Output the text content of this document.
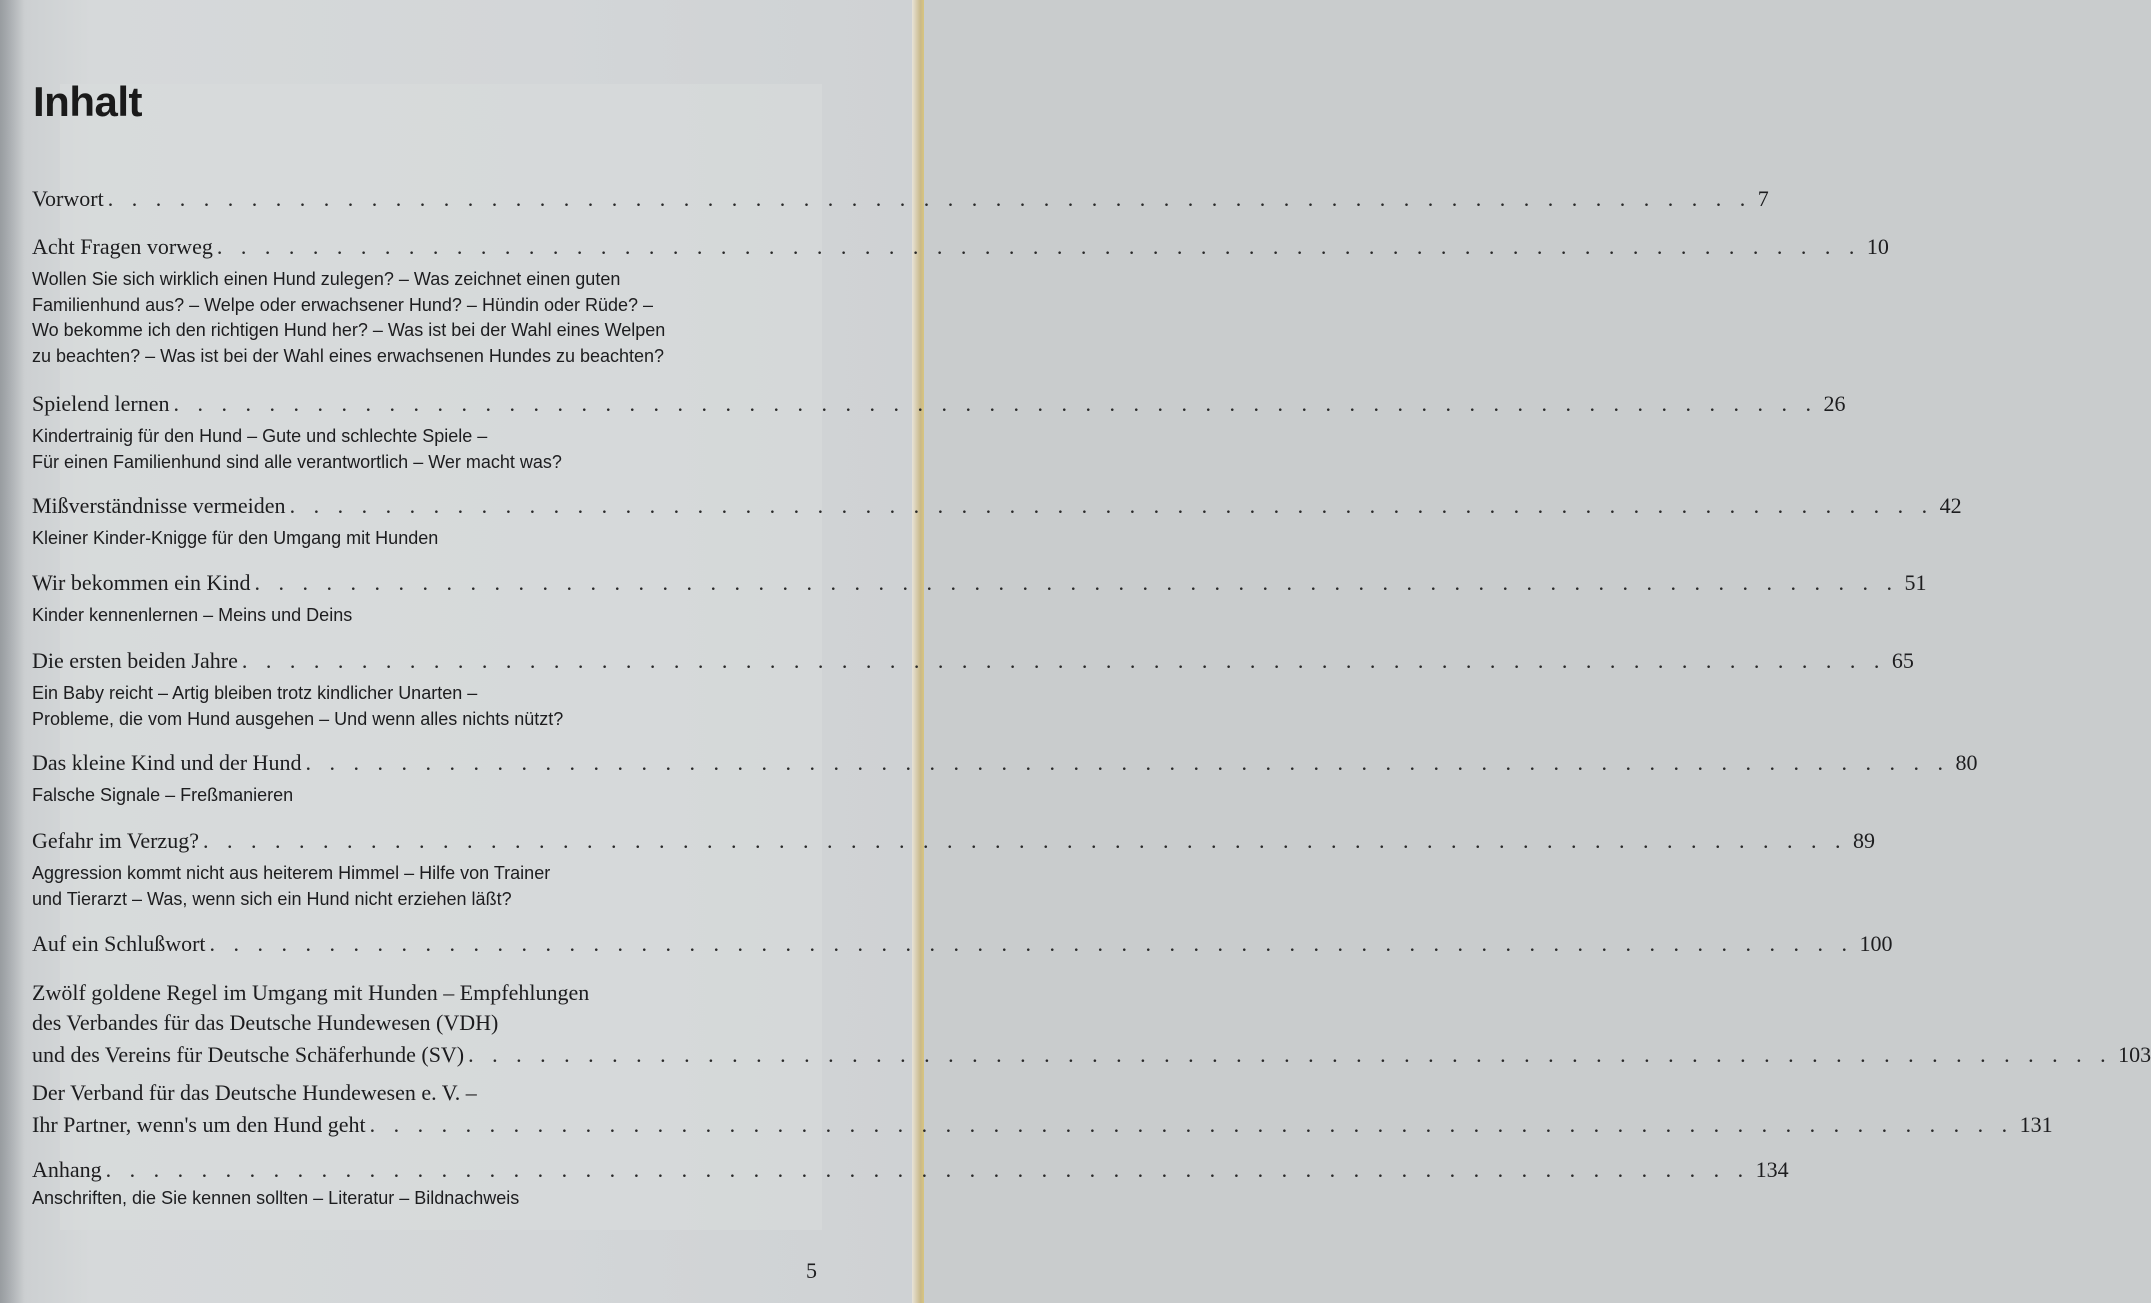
Inhalt
Vorwort . . . . . . . . . . . . . . . . . . . . . . . . . . . . . . . . . . . . . . . . . . . . . . . . . . . . . . . . . . . . . . . . . . . . . 7
Acht Fragen vorweg . . . . . . . . . . . . . . . . . . . . . . . . . . . . . . . . . . . . . . . . . . . . . . . . . . . . . . . . . . . . . . . . . . . . . 10
Wollen Sie sich wirklich einen Hund zulegen? – Was zeichnet einen guten
Familienhund aus? – Welpe oder erwachsener Hund? – Hündin oder Rüde? –
Wo bekomme ich den richtigen Hund her? – Was ist bei der Wahl eines Welpen
zu beachten? – Was ist bei der Wahl eines erwachsenen Hundes zu beachten?
Spielend lernen . . . . . . . . . . . . . . . . . . . . . . . . . . . . . . . . . . . . . . . . . . . . . . . . . . . . . . . . . . . . . . . . . . . . . 26
Kindertrainig für den Hund – Gute und schlechte Spiele –
Für einen Familienhund sind alle verantwortlich – Wer macht was?
Mißverständnisse vermeiden . . . . . . . . . . . . . . . . . . . . . . . . . . . . . . . . . . . . . . . . . . . . . . . . . . . . . . . . . . . . . . . . . . . . . 42
Kleiner Kinder-Knigge für den Umgang mit Hunden
Wir bekommen ein Kind . . . . . . . . . . . . . . . . . . . . . . . . . . . . . . . . . . . . . . . . . . . . . . . . . . . . . . . . . . . . . . . . . . . . . 51
Kinder kennenlernen – Meins und Deins
Die ersten beiden Jahre . . . . . . . . . . . . . . . . . . . . . . . . . . . . . . . . . . . . . . . . . . . . . . . . . . . . . . . . . . . . . . . . . . . . . 65
Ein Baby reicht – Artig bleiben trotz kindlicher Unarten –
Probleme, die vom Hund ausgehen – Und wenn alles nichts nützt?
Das kleine Kind und der Hund . . . . . . . . . . . . . . . . . . . . . . . . . . . . . . . . . . . . . . . . . . . . . . . . . . . . . . . . . . . . . . . . . . . . . 80
Falsche Signale – Freßmanieren
Gefahr im Verzug? . . . . . . . . . . . . . . . . . . . . . . . . . . . . . . . . . . . . . . . . . . . . . . . . . . . . . . . . . . . . . . . . . . . . . 89
Aggression kommt nicht aus heiterem Himmel – Hilfe von Trainer
und Tierarzt – Was, wenn sich ein Hund nicht erziehen läßt?
Auf ein Schlußwort . . . . . . . . . . . . . . . . . . . . . . . . . . . . . . . . . . . . . . . . . . . . . . . . . . . . . . . . . . . . . . . . . . . . . 100
Zwölf goldene Regel im Umgang mit Hunden – Empfehlungen
des Verbandes für das Deutsche Hundewesen (VDH)
und des Vereins für Deutsche Schäferhunde (SV) . . . . . . . . . . . . . . . . . . . . . . . . . . . . . . . . . . . . . . . . . . . . . . . . . . . . . . . . . . . . . . . . . . . . . 103
Der Verband für das Deutsche Hundewesen e. V. –
Ihr Partner, wenn's um den Hund geht . . . . . . . . . . . . . . . . . . . . . . . . . . . . . . . . . . . . . . . . . . . . . . . . . . . . . . . . . . . . . . . . . . . . . 131
Anhang . . . . . . . . . . . . . . . . . . . . . . . . . . . . . . . . . . . . . . . . . . . . . . . . . . . . . . . . . . . . . . . . . . . . . 134
Anschriften, die Sie kennen sollten – Literatur – Bildnachweis
5
